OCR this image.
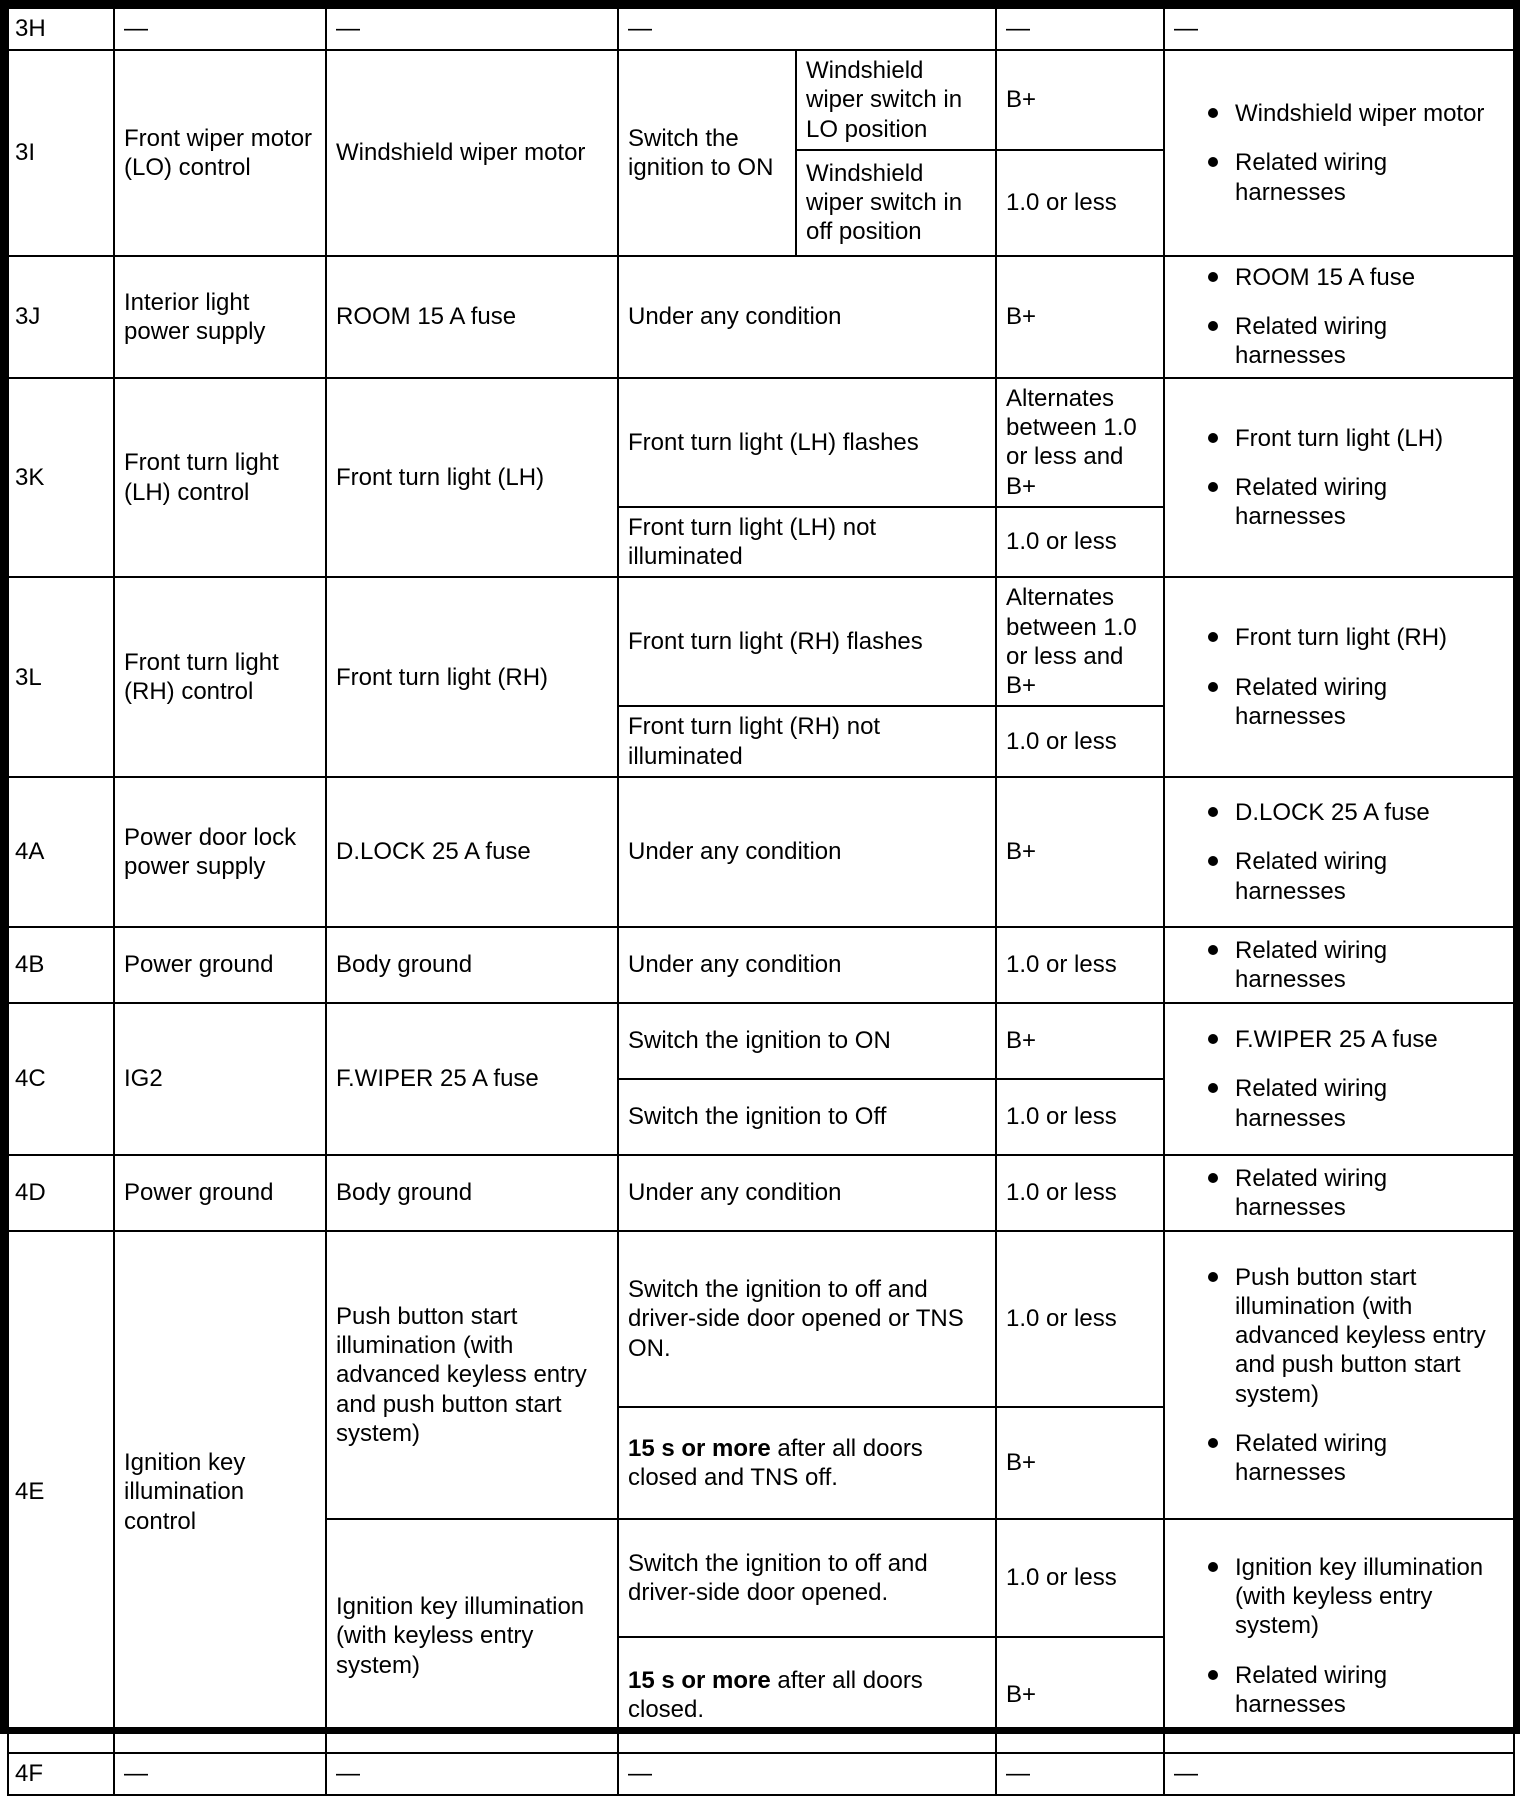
3H	—	—	—		—	—
3I	Front wiper motor (LO) control	Windshield wiper motor	Switch the ignition to ON	Windshield wiper switch in LO position	B+	Windshield wiper motor
Related wiring harnesses

				Windshield wiper switch in off position	1.0 or less	
3J	Interior light power supply	ROOM 15 A fuse	Under any condition		B+	ROOM 15 A fuse
Related wiring harnesses

3K	Front turn light (LH) control	Front turn light (LH)	Front turn light (LH) flashes		Alternates between 1.0 or less and B+	Front turn light (LH)
Related wiring harnesses

			Front turn light (LH) not illuminated		1.0 or less	
3L	Front turn light (RH) control	Front turn light (RH)	Front turn light (RH) flashes		Alternates between 1.0 or less and B+	Front turn light (RH)
Related wiring harnesses

			Front turn light (RH) not illuminated		1.0 or less	
4A	Power door lock power supply	D.LOCK 25 A fuse	Under any condition		B+	D.LOCK 25 A fuse
Related wiring harnesses

4B	Power ground	Body ground	Under any condition		1.0 or less	Related wiring harnesses

4C	IG2	F.WIPER 25 A fuse	Switch the ignition to ON		B+	F.WIPER 25 A fuse
Related wiring harnesses

			Switch the ignition to Off		1.0 or less	
4D	Power ground	Body ground	Under any condition		1.0 or less	Related wiring harnesses

4E	Ignition key illumination control	Push button start illumination (with advanced keyless entry and push button start system)	Switch the ignition to off and driver-side door opened or TNS ON.		1.0 or less	Push button start illumination (with advanced keyless entry and push button start system)
Related wiring harnesses

			15 s or more after all doors closed and TNS off.		B+	
		Ignition key illumination (with keyless entry system)	Switch the ignition to off and driver-side door opened.		1.0 or less	Ignition key illumination (with keyless entry system)
Related wiring harnesses

			15 s or more after all doors closed.		B+	
4F	—	—	—		—	—
